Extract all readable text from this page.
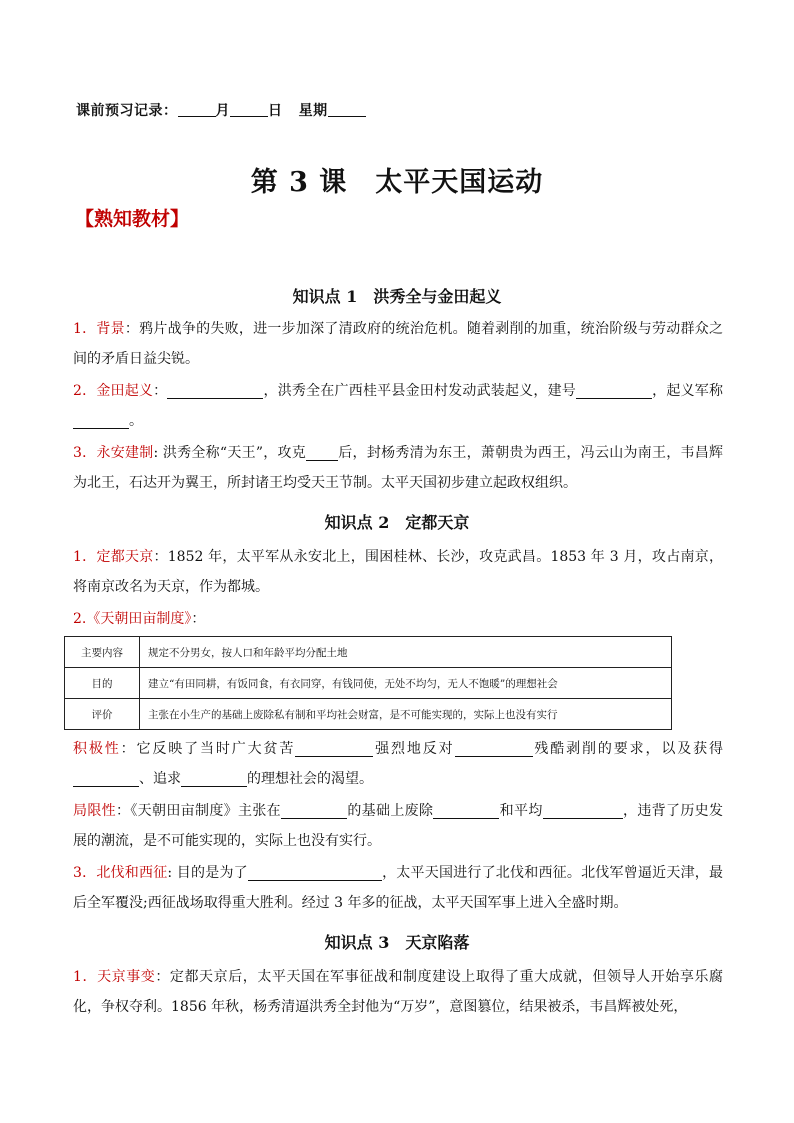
课前预习记录：	月	日 星期
第 3 课　太平天国运动
【熟知教材】
知识点 1　洪秀全与金田起义
1．背景：鸦片战争的失败，进一步加深了清政府的统治危机。随着剥削的加重，统治阶级与劳动群众之间的矛盾日益尖锐。
2．金田起义：	，洪秀全在广西桂平县金田村发动武装起义，建号	，起义军称。
3．永安建制: 洪秀全称“天王”，攻克 后，封杨秀清为东王，萧朝贵为西王，冯云山为南王，韦昌辉为北王，石达开为翼王，所封诸王均受天王节制。太平天国初步建立起政权组织。
知识点 2　定都天京
1．定都天京：1852 年，太平军从永安北上，围困桂林、长沙，攻克武昌。1853 年 3 月，攻占南京，将南京改名为天京，作为都城。
2.《天朝田亩制度》：
主要内容	规定不分男女，按人口和年龄平均分配土地
目的	建立“有田同耕，有饭同食，有衣同穿，有钱同使，无处不均匀，无人不饱暖”的理想社会
评价	主张在小生产的基础上废除私有制和平均社会财富，是不可能实现的，实际上也没有实行
积极性：它反映了当时广大贫苦	强烈地反对	残酷剥削的要求，以及获得、追求	的理想社会的渴望。
局限性：《天朝田亩制度》主张在	的基础上废除	和平均	，违背了历史发展的潮流，是不可能实现的，实际上也没有实行。
3．北伐和西征: 目的是为了	，太平天国进行了北伐和西征。北伐军曾逼近天津，最后全军覆没;西征战场取得重大胜利。经过 3 年多的征战，太平天国军事上进入全盛时期。
知识点 3　天京陷落
1．天京事变：定都天京后，太平天国在军事征战和制度建设上取得了重大成就，但领导人开始享乐腐化，争权夺利。1856 年秋，杨秀清逼洪秀全封他为“万岁”，意图篡位，结果被杀，韦昌辉被处死，
